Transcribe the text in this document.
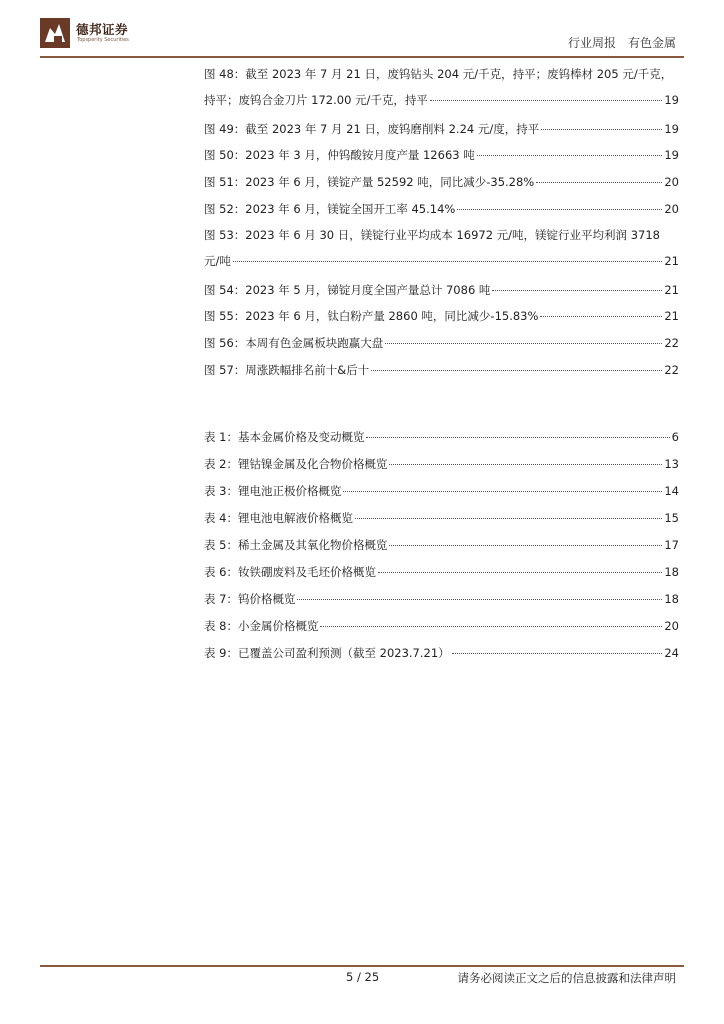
德邦证券
Topsperity Securities	行业周报 有色金属
图 48：截至 2023 年 7 月 21 日，废钨钻头 204 元/千克，持平；废钨棒材 205 元/千克，
持平；废钨合金刀片 172.00 元/千克，持平	19
图 49：截至 2023 年 7 月 21 日，废钨磨削料 2.24 元/度，持平	19
图 50：2023 年 3 月，仲钨酸铵月度产量 12663 吨	19
图 51：2023 年 6 月，镁锭产量 52592 吨，同比减少-35.28%	20
图 52：2023 年 6 月，镁锭全国开工率 45.14%	20
图 53：2023 年 6 月 30 日，镁锭行业平均成本 16972 元/吨，镁锭行业平均利润 3718
元/吨	21
图 54：2023 年 5 月，锑锭月度全国产量总计 7086 吨	21
图 55：2023 年 6 月，钛白粉产量 2860 吨，同比减少-15.83%	21
图 56：本周有色金属板块跑赢大盘	22
图 57：周涨跌幅排名前十&后十	22
表 1：基本金属价格及变动概览	6
表 2：锂钴镍金属及化合物价格概览	13
表 3：锂电池正极价格概览	14
表 4：锂电池电解液价格概览	15
表 5：稀土金属及其氧化物价格概览	17
表 6：钕铁硼废料及毛坯价格概览	18
表 7：钨价格概览	18
表 8：小金属价格概览	20
表 9：已覆盖公司盈利预测（截至 2023.7.21）	24
5 / 25	请务必阅读正文之后的信息披露和法律声明
